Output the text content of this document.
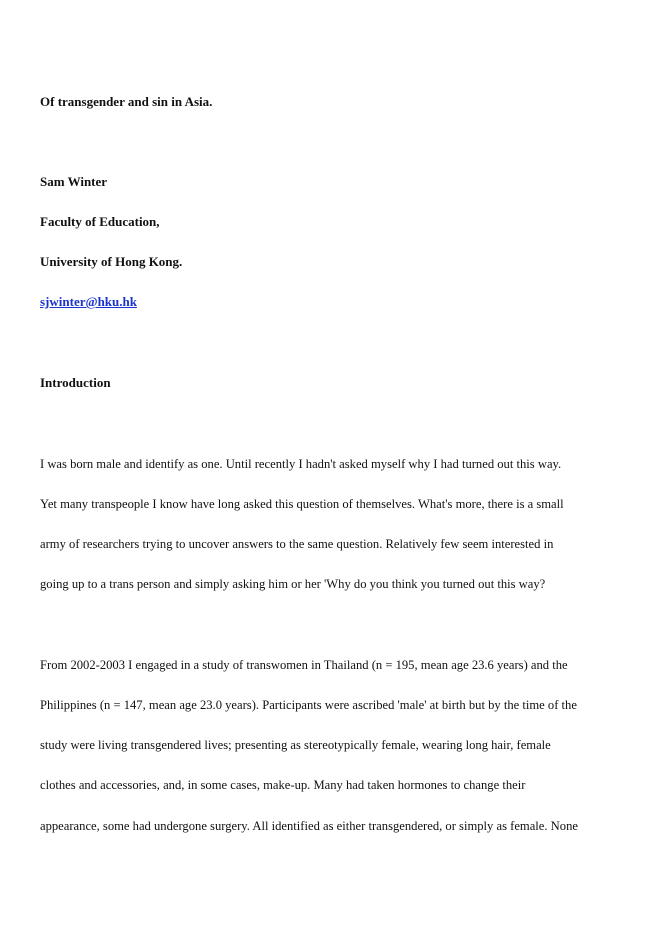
Of transgender and sin in Asia.
Sam Winter
Faculty of Education,
University of Hong Kong.
sjwinter@hku.hk
Introduction
I was born male and identify as one. Until recently I hadn't asked myself why I had turned out this way.
Yet many transpeople I know have long asked this question of themselves. What's more, there is a small
army of researchers trying to uncover answers to the same question. Relatively few seem interested in
going up to a trans person and simply asking him or her 'Why do you think you turned out this way?
From 2002-2003 I engaged in a study of transwomen in Thailand (n = 195, mean age 23.6 years) and the
Philippines (n = 147, mean age 23.0 years). Participants were ascribed 'male' at birth but by the time of the
study were living transgendered lives; presenting as stereotypically female, wearing long hair, female
clothes and accessories, and, in some cases, make-up. Many had taken hormones to change their
appearance, some had undergone surgery. All identified as either transgendered, or simply as female. None
